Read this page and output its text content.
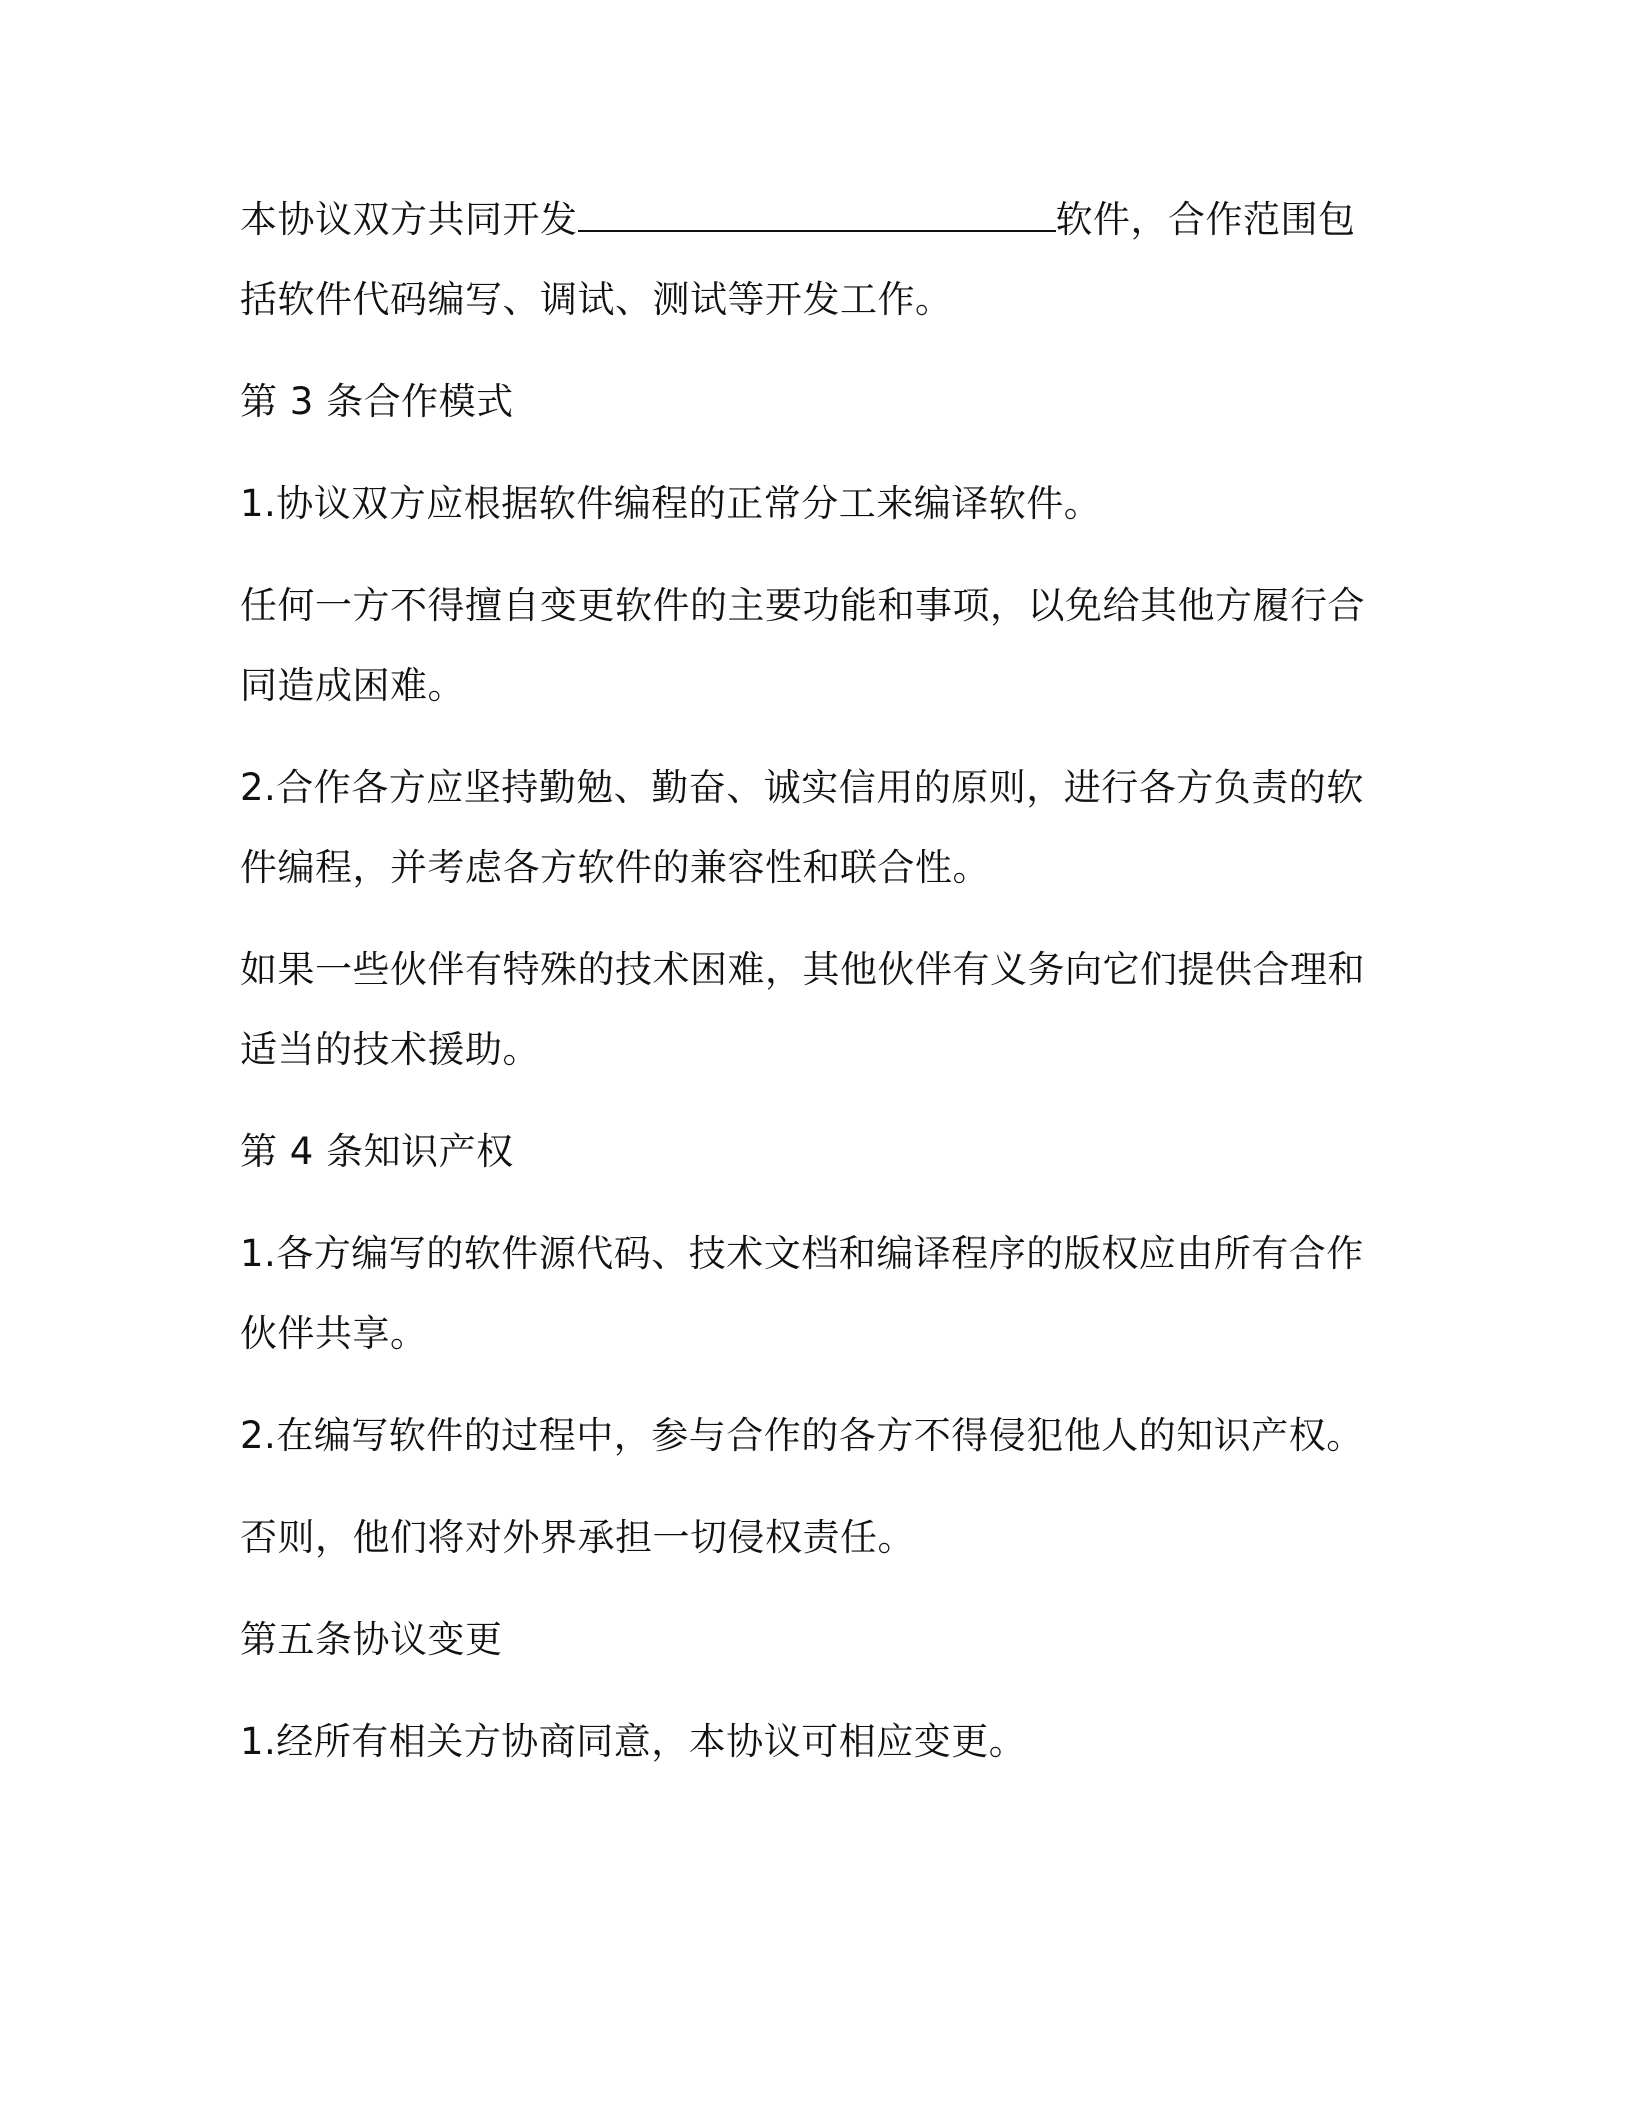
本协议双方共同开发	软件，合作范围包括软件代码编写、调试、测试等开发工作。

第 3 条合作模式

1.协议双方应根据软件编程的正常分工来编译软件。

任何一方不得擅自变更软件的主要功能和事项，以免给其他方履行合同造成困难。

2.合作各方应坚持勤勉、勤奋、诚实信用的原则，进行各方负责的软件编程，并考虑各方软件的兼容性和联合性。

如果一些伙伴有特殊的技术困难，其他伙伴有义务向它们提供合理和适当的技术援助。

第 4 条知识产权

1.各方编写的软件源代码、技术文档和编译程序的版权应由所有合作伙伴共享。

2.在编写软件的过程中，参与合作的各方不得侵犯他人的知识产权。

否则，他们将对外界承担一切侵权责任。

第五条协议变更

1.经所有相关方协商同意，本协议可相应变更。
